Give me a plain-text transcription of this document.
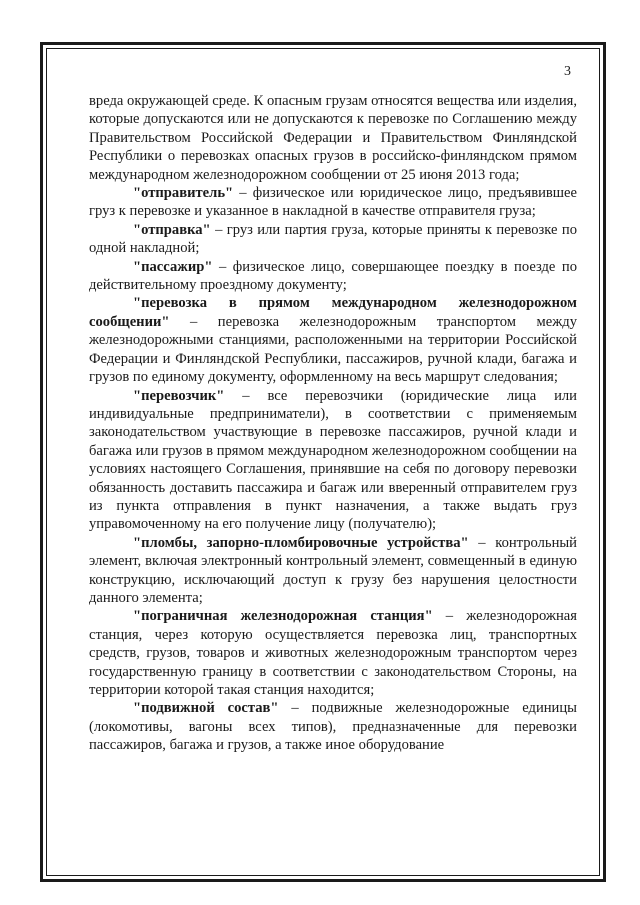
3

вреда окружающей среде. К опасным грузам относятся вещества или изделия, которые допускаются или не допускаются к перевозке по Соглашению между Правительством Российской Федерации и Правительством Финляндской Республики о перевозках опасных грузов в российско-финляндском прямом международном железнодорожном сообщении от 25 июня 2013 года;

"отправитель" – физическое или юридическое лицо, предъявившее груз к перевозке и указанное в накладной в качестве отправителя груза;

"отправка" – груз или партия груза, которые приняты к перевозке по одной накладной;

"пассажир" – физическое лицо, совершающее поездку в поезде по действительному проездному документу;

"перевозка в прямом международном железнодорожном сообщении" – перевозка железнодорожным транспортом между железнодорожными станциями, расположенными на территории Российской Федерации и Финляндской Республики, пассажиров, ручной клади, багажа и грузов по единому документу, оформленному на весь маршрут следования;

"перевозчик" – все перевозчики (юридические лица или индивидуальные предприниматели), в соответствии с применяемым законодательством участвующие в перевозке пассажиров, ручной клади и багажа или грузов в прямом международном железнодорожном сообщении на условиях настоящего Соглашения, принявшие на себя по договору перевозки обязанность доставить пассажира и багаж или вверенный отправителем груз из пункта отправления в пункт назначения, а также выдать груз управомоченному на его получение лицу (получателю);

"пломбы, запорно-пломбировочные устройства" – контрольный элемент, включая электронный контрольный элемент, совмещенный в единую конструкцию, исключающий доступ к грузу без нарушения целостности данного элемента;

"пограничная железнодорожная станция" – железнодорожная станция, через которую осуществляется перевозка лиц, транспортных средств, грузов, товаров и животных железнодорожным транспортом через государственную границу в соответствии с законодательством Стороны, на территории которой такая станция находится;

"подвижной состав" – подвижные железнодорожные единицы (локомотивы, вагоны всех типов), предназначенные для перевозки пассажиров, багажа и грузов, а также иное оборудование
